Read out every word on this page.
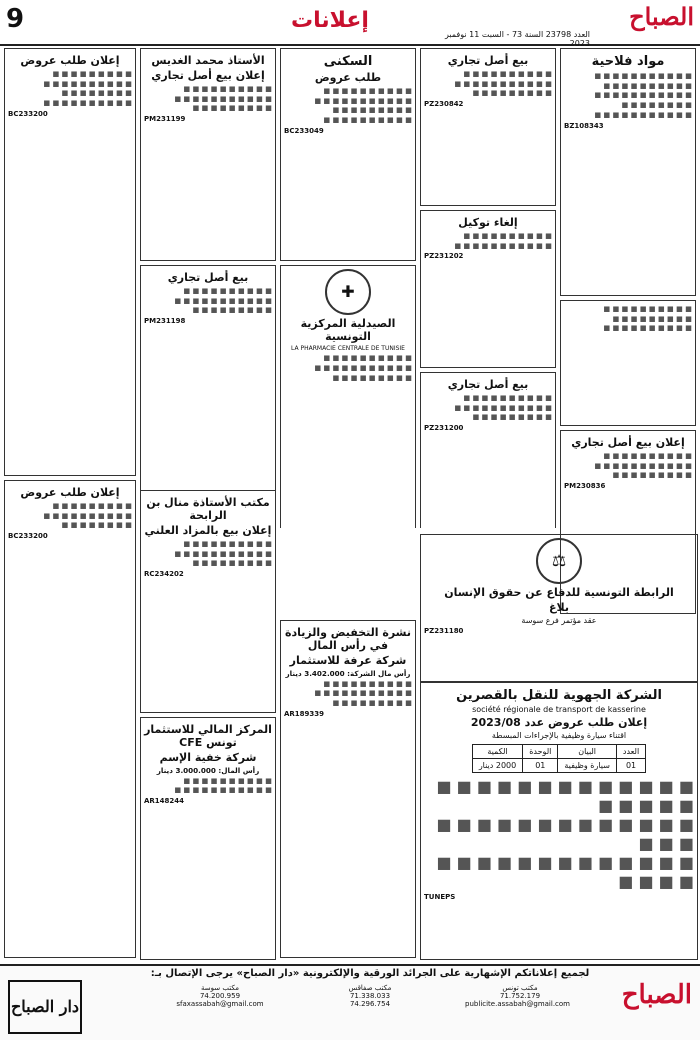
9	إعلانات	الصباح
العدد 23798 السنة 73 - السبت 11 نوفمبر 2023
مواد فلاحية
■ ■ ■ ■ ■ ■ ■ ■ ■ ■ ■
■ ■ ■ ■ ■ ■ ■ ■ ■ ■
■ ■ ■ ■ ■ ■ ■ ■ ■ ■ ■
■ ■ ■ ■ ■ ■ ■ ■
■ ■ ■ ■ ■ ■ ■ ■ ■ ■ ■
BZ108343
■ ■ ■ ■ ■ ■ ■ ■ ■ ■
■ ■ ■ ■ ■ ■ ■ ■ ■
■ ■ ■ ■ ■ ■ ■ ■ ■ ■
إعلان بيع أصل تجاري
■ ■ ■ ■ ■ ■ ■ ■ ■ ■
■ ■ ■ ■ ■ ■ ■ ■ ■ ■ ■
■ ■ ■ ■ ■ ■ ■ ■ ■
PM230836
بيع أصل تجاري
■ ■ ■ ■ ■ ■ ■ ■ ■ ■
■ ■ ■ ■ ■ ■ ■ ■ ■ ■ ■
■ ■ ■ ■ ■ ■ ■ ■ ■
PZ230842
إلغاء توكيل
■ ■ ■ ■ ■ ■ ■ ■ ■ ■
■ ■ ■ ■ ■ ■ ■ ■ ■ ■ ■
PZ231202
بيع أصل تجاري
■ ■ ■ ■ ■ ■ ■ ■ ■ ■
■ ■ ■ ■ ■ ■ ■ ■ ■ ■ ■
■ ■ ■ ■ ■ ■ ■ ■ ■
PZ231200
السكنى
طلب عروض
■ ■ ■ ■ ■ ■ ■ ■ ■ ■
■ ■ ■ ■ ■ ■ ■ ■ ■ ■ ■
■ ■ ■ ■ ■ ■ ■ ■ ■
■ ■ ■ ■ ■ ■ ■ ■ ■ ■
BC233049
✚
الصيدلية المركزية التونسية
LA PHARMACIE CENTRALE DE TUNISIE
■ ■ ■ ■ ■ ■ ■ ■ ■ ■
■ ■ ■ ■ ■ ■ ■ ■ ■ ■ ■
■ ■ ■ ■ ■ ■ ■ ■ ■
الأستاذ محمد الغديس
إعلان بيع أصل تجاري
■ ■ ■ ■ ■ ■ ■ ■ ■ ■
■ ■ ■ ■ ■ ■ ■ ■ ■ ■ ■
■ ■ ■ ■ ■ ■ ■ ■ ■
PM231199
بيع أصل تجاري
■ ■ ■ ■ ■ ■ ■ ■ ■ ■
■ ■ ■ ■ ■ ■ ■ ■ ■ ■ ■
■ ■ ■ ■ ■ ■ ■ ■ ■
PM231198
إعلان طلب عروض
■ ■ ■ ■ ■ ■ ■ ■ ■
■ ■ ■ ■ ■ ■ ■ ■ ■ ■
■ ■ ■ ■ ■ ■ ■ ■
■ ■ ■ ■ ■ ■ ■ ■ ■ ■
BC233200
إعلان طلب عروض
■ ■ ■ ■ ■ ■ ■ ■ ■
■ ■ ■ ■ ■ ■ ■ ■ ■ ■
■ ■ ■ ■ ■ ■ ■ ■
BC233200
نشرة التخفيض والزيادة في رأس المال
شركة عرفة للاستثمار
رأس مال الشركة: 3.402.000 دينار
■ ■ ■ ■ ■ ■ ■ ■ ■ ■
■ ■ ■ ■ ■ ■ ■ ■ ■ ■ ■
■ ■ ■ ■ ■ ■ ■ ■ ■
AR189339
مكتب الأستاذة منال بن الرابحة
إعلان بيع بالمزاد العلني
■ ■ ■ ■ ■ ■ ■ ■ ■ ■
■ ■ ■ ■ ■ ■ ■ ■ ■ ■ ■
■ ■ ■ ■ ■ ■ ■ ■ ■
RC234202
المركز المالي للاستثمار تونس CFE
شركة خفية الإسم
رأس المال: 3.000.000 دينار
■ ■ ■ ■ ■ ■ ■ ■ ■ ■
■ ■ ■ ■ ■ ■ ■ ■ ■ ■ ■
AR148244
⚖
الرابطة التونسية للدفاع عن حقوق الإنسان
بلاغ
عقد مؤتمر فرع سوسة
PZ231180
الشركة الجهوية للنقل بالقصرين
société régionale de transport de kasserine
إعلان طلب عروض عدد 2023/08
اقتناء سيارة وظيفية بالإجراءات المبسطة
العدد	البيان	الوحدة	الكمية
01	سيارة وظيفية	01	2000 دينار
■ ■ ■ ■ ■ ■ ■ ■ ■ ■ ■ ■ ■ ■ ■ ■ ■ ■
■ ■ ■ ■ ■ ■ ■ ■ ■ ■ ■ ■ ■ ■ ■ ■
■ ■ ■ ■ ■ ■ ■ ■ ■ ■ ■ ■ ■ ■ ■ ■ ■
TUNEPS
لجميع إعلاناتكم الإشهارية على الجرائد الورقية والإلكترونية «دار الصباح» يرجى الإتصال بـ:
الصباح
دار الصباح
مكتب تونس
71.752.179
publicite.assabah@gmail.com
مكتب صفاقس
71.338.033
74.296.754
مكتب سوسة
74.200.959
sfaxassabah@gmail.com
